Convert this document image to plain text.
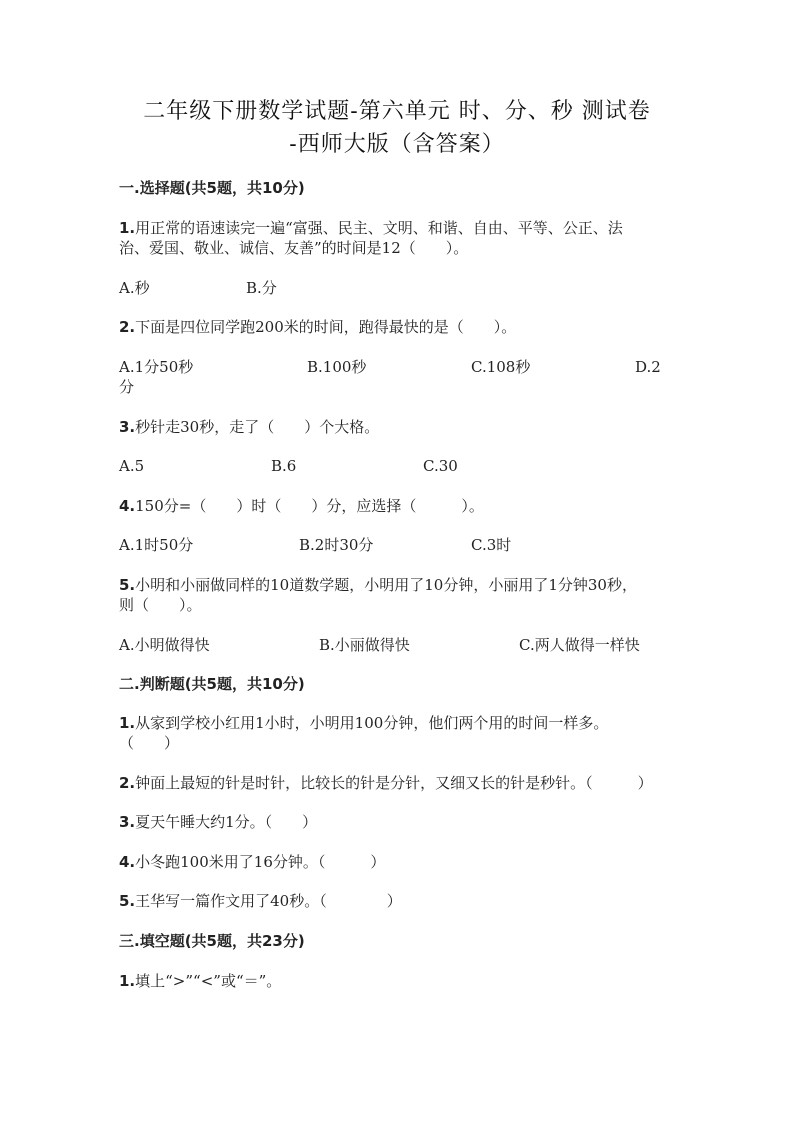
二年级下册数学试题-第六单元 时、分、秒 测试卷
-西师大版（含答案）
一.选择题(共5题，共10分)
1.用正常的语速读完一遍“富强、民主、文明、和谐、自由、平等、公正、法
治、爱国、敬业、诚信、友善”的时间是12（　　）。
A.秒	B.分
2.下面是四位同学跑200米的时间，跑得最快的是（　　）。
A.1分50秒	B.100秒	C.108秒	D.2
分
3.秒针走30秒，走了（　　）个大格。
A.5	B.6	C.30
4.150分=（　　）时（　　）分，应选择（　　　）。
A.1时50分	B.2时30分	C.3时
5.小明和小丽做同样的10道数学题，小明用了10分钟，小丽用了1分钟30秒，
则（　　）。
A.小明做得快	B.小丽做得快	C.两人做得一样快
二.判断题(共5题，共10分)
1.从家到学校小红用1小时，小明用100分钟，他们两个用的时间一样多。
（　　）
2.钟面上最短的针是时针，比较长的针是分针，又细又长的针是秒针。（　　　）
3.夏天午睡大约1分。（　　）
4.小冬跑100米用了16分钟。（　　　）
5.王华写一篇作文用了40秒。（　　　　）
三.填空题(共5题，共23分)
1.填上“>”“<”或“＝”。
